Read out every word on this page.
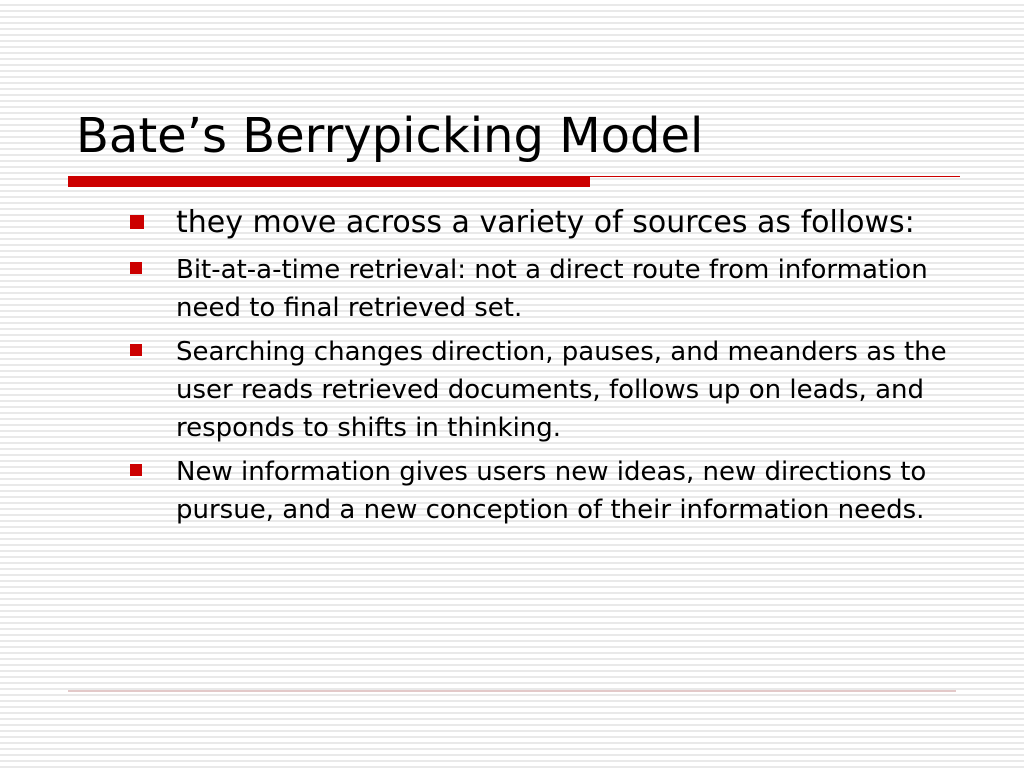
Bate’s Berrypicking Model
they move across a variety of sources as follows:
Bit-at-a-time retrieval: not a direct route from information need to final retrieved set.
Searching changes direction, pauses, and meanders as the user reads retrieved documents, follows up on leads, and responds to shifts in thinking.
New information gives users new ideas, new directions to pursue, and a new conception of their information needs.
